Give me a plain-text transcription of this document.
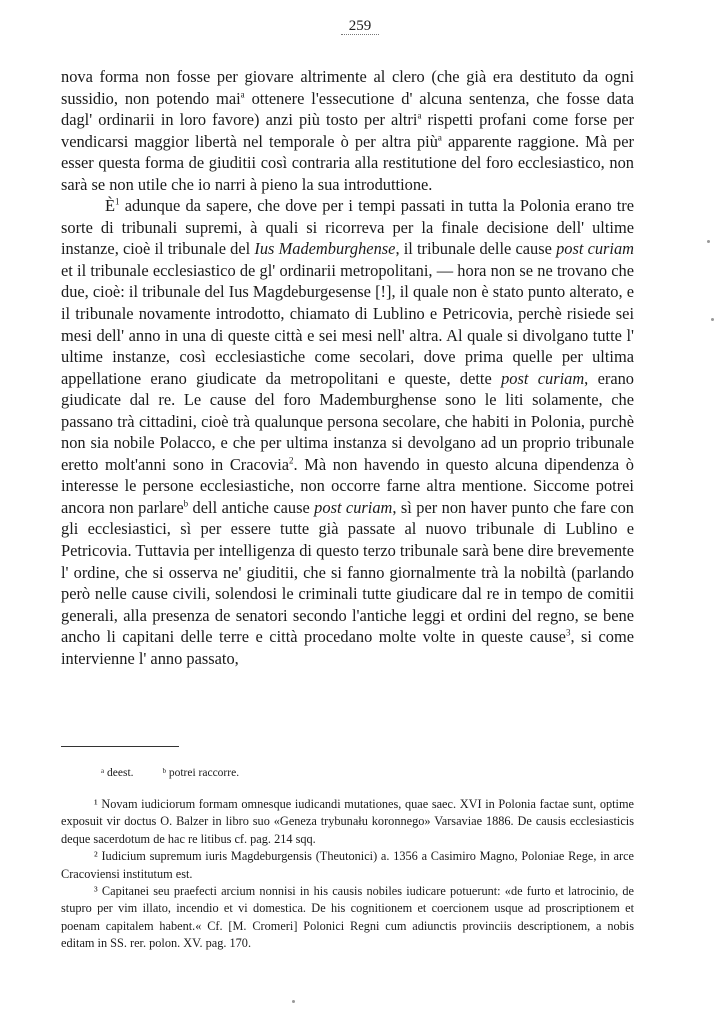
259

nova forma non fosse per giovare altrimente al clero (che già era destituto da ogni sussidio, non potendo mai$^a$ ottenere l'essecutione d' alcuna sentenza, che fosse data dagl' ordinarii in loro favore) anzi più tosto per altri$^a$ rispetti profani come forse per vendicarsi maggior libertà nel temporale ò per altra più$^a$ apparente raggione. Mà per esser questa forma de giuditii così contraria alla restitutione del foro ecclesiastico, non sarà se non utile che io narri à pieno la sua introduttione.

$È^1$ adunque da sapere, che dove per i tempi passati in tutta la Polonia erano tre sorte di tribunali supremi, à quali si ricorreva per la finale decisione dell' ultime instanze, cioè il tribunale del Ius Mademburghense, il tribunale delle cause post curiam et il tribunale ecclesiastico de gl' ordinarii metropolitani, — hora non se ne trovano che due, cioè: il tribunale del Ius Magdeburgesense [!], il quale non è stato punto alterato, e il tribunale novamente introdotto, chiamato di Lublino e Petricovia, perchè risiede sei mesi dell' anno in una di queste città e sei mesi nell' altra. Al quale si divolgano tutte l' ultime instanze, così ecclesiastiche come secolari, dove prima quelle per ultima appellatione erano giudicate da metropolitani e queste, dette post curiam, erano giudicate dal re. Le cause del foro Mademburghense sono le liti solamente, che passano trà cittadini, cioè trà qualunque persona secolare, che habiti in Polonia, purchè non sia nobile Polacco, e che per ultima instanza si devolgano ad un proprio tribunale eretto molt'anni sono in Cracovia$^2$. Mà non havendo in questo alcuna dipendenza ò interesse le persone ecclesiastiche, non occorre farne altra mentione. Siccome potrei ancora non parlare$^b$ dell antiche cause post curiam, sì per non haver punto che fare con gli ecclesiastici, sì per essere tutte già passate al nuovo tribunale di Lublino e Petricovia. Tuttavia per intelligenza di questo terzo tribunale sarà bene dire brevemente l' ordine, che si osserva ne' giuditii, che si fanno giornalmente trà la nobiltà (parlando però nelle cause civili, solendosi le criminali tutte giudicare dal re in tempo de comitii generali, alla presenza de senatori secondo l'antiche leggi et ordini del regno, se bene ancho li capitani delle terre e città procedano molte volte in queste cause$^3$, si come intervienne l' anno passato,

ᵃ deest.	ᵇ potrei raccorre.

¹ Novam iudiciorum formam omnesque iudicandi mutationes, quae saec. XVI in Polonia factae sunt, optime exposuit vir doctus O. Balzer in libro suo «Geneza trybunału koronnego» Varsaviae 1886. De causis ecclesiasticis deque sacerdotum de hac re litibus cf. pag. 214 sqq.

² Iudicium supremum iuris Magdeburgensis (Theutonici) a. 1356 a Casimiro Magno, Poloniae Rege, in arce Cracoviensi institutum est.

³ Capitanei seu praefecti arcium nonnisi in his causis nobiles iudicare potuerunt: «de furto et latrocinio, de stupro per vim illato, incendio et vi domestica. De his cognitionem et coercionem usque ad proscriptionem et poenam capitalem habent.« Cf. [M. Cromeri] Polonici Regni cum adiunctis provinciis descriptionem, a nobis editam in SS. rer. polon. XV. pag. 170.
